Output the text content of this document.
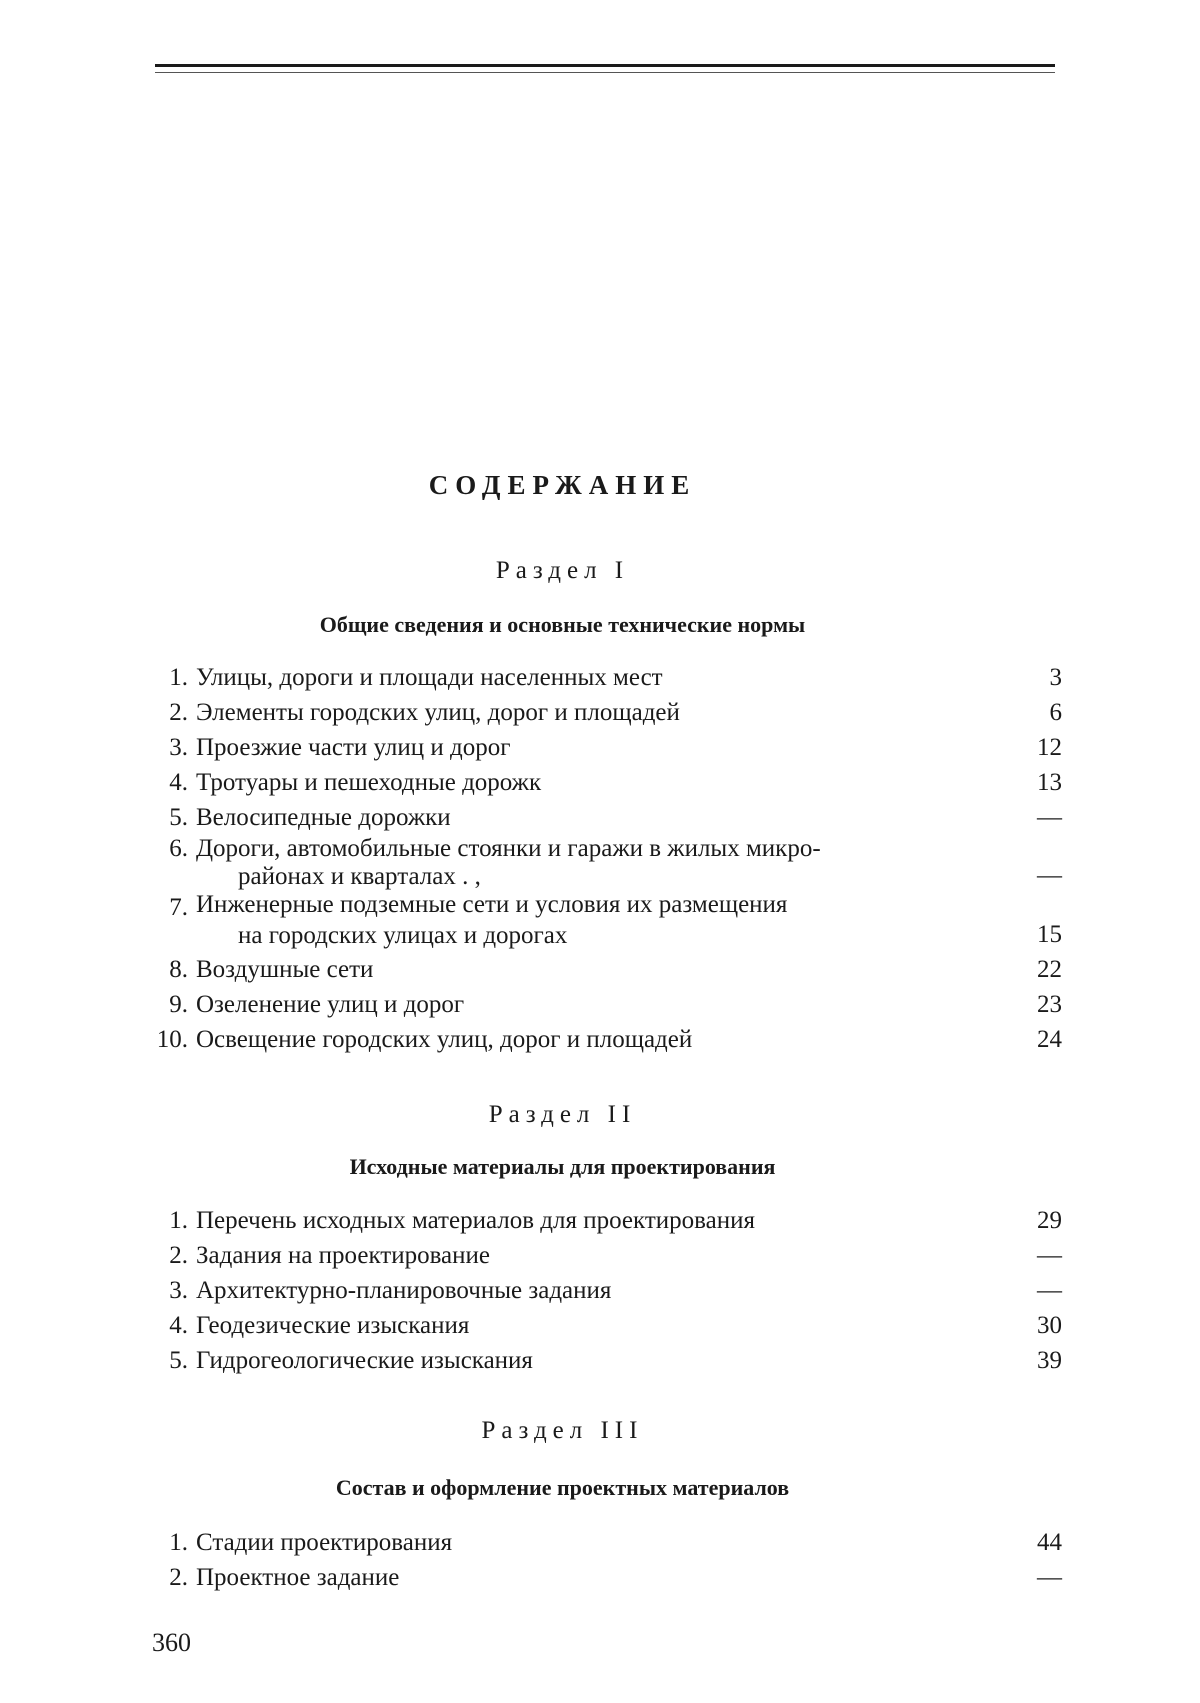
СОДЕРЖАНИЕ
Раздел I
Общие сведения и основные технические нормы
1. Улицы, дороги и площади населенных мест	3
2. Элементы городских улиц, дорог и площадей	6
3. Проезжие части улиц и дорог	12
4. Тротуары и пешеходные дорожк	13
5. Велосипедные дорожки	—
6. Дороги, автомобильные стоянки и гаражи в жилых микро-
районах и кварталах . ,	—
7. Инженерные подземные сети и условия их размещения
на городских улицах и дорогах	15
8. Воздушные сети	22
9. Озеленение улиц и дорог	23
10. Освещение городских улиц, дорог и площадей	24
Раздел II
Исходные материалы для проектирования
1. Перечень исходных материалов для проектирования	29
2. Задания на проектирование	—
3. Архитектурно-планировочные задания	—
4. Геодезические изыскания	30
5. Гидрогеологические изыскания	39
Раздел III
Состав и оформление проектных материалов
1. Стадии проектирования	44
2. Проектное задание	—
360
